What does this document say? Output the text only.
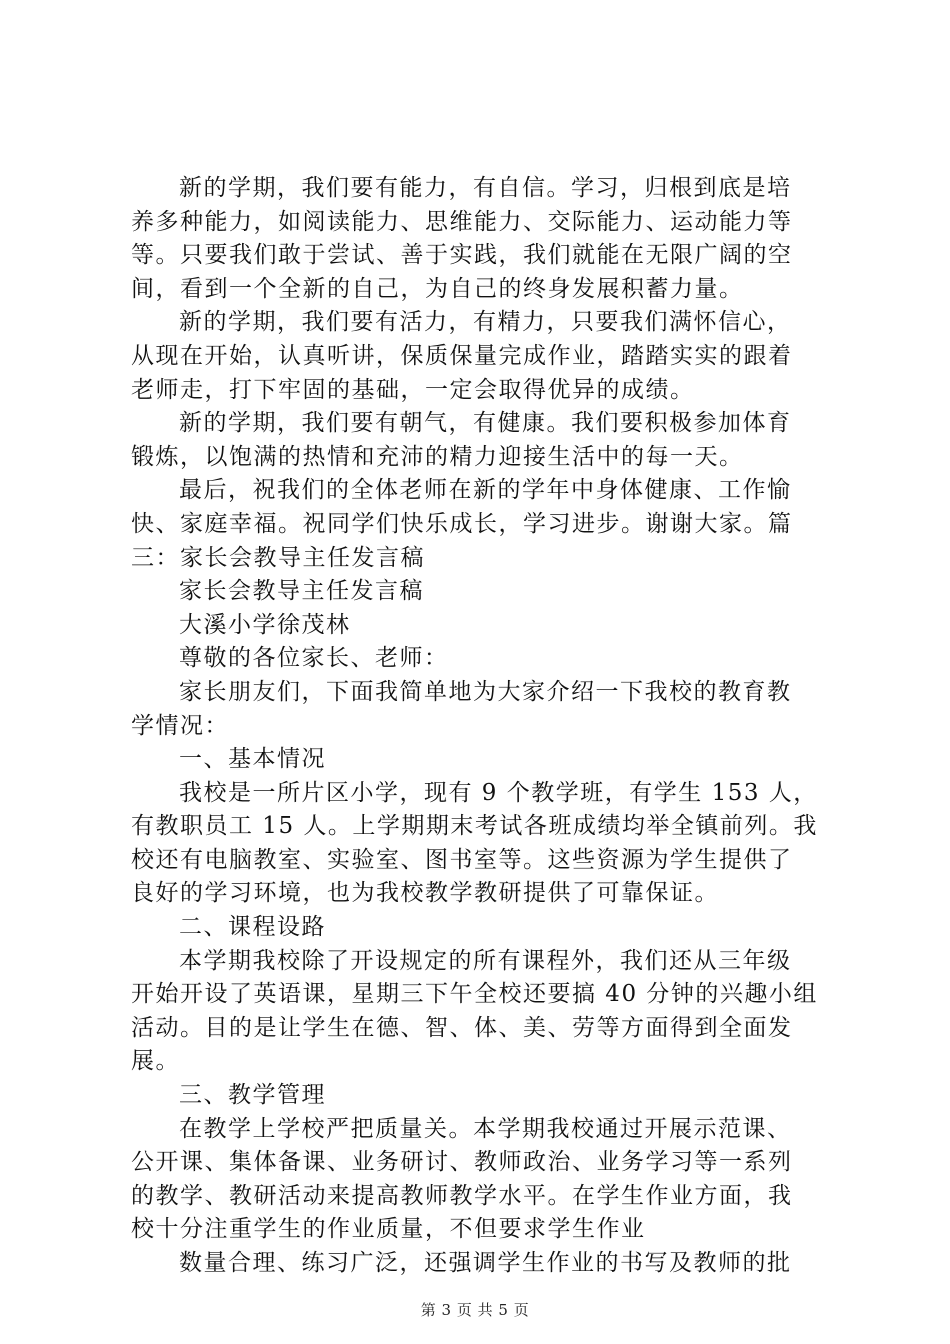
新的学期，我们要有能力，有自信。学习，归根到底是培
养多种能力，如阅读能力、思维能力、交际能力、运动能力等
等。只要我们敢于尝试、善于实践，我们就能在无限广阔的空
间，看到一个全新的自己，为自己的终身发展积蓄力量。
新的学期，我们要有活力，有精力，只要我们满怀信心，
从现在开始，认真听讲，保质保量完成作业，踏踏实实的跟着
老师走，打下牢固的基础，一定会取得优异的成绩。
新的学期，我们要有朝气，有健康。我们要积极参加体育
锻炼，以饱满的热情和充沛的精力迎接生活中的每一天。
最后，祝我们的全体老师在新的学年中身体健康、工作愉
快、家庭幸福。祝同学们快乐成长，学习进步。谢谢大家。篇
三：家长会教导主任发言稿
家长会教导主任发言稿
大溪小学徐茂林
尊敬的各位家长、老师：
家长朋友们，下面我简单地为大家介绍一下我校的教育教
学情况：
一、基本情况
我校是一所片区小学，现有 9 个教学班，有学生 153 人，
有教职员工 15 人。上学期期末考试各班成绩均举全镇前列。我
校还有电脑教室、实验室、图书室等。这些资源为学生提供了
良好的学习环境，也为我校教学教研提供了可靠保证。
二、课程设路
本学期我校除了开设规定的所有课程外，我们还从三年级
开始开设了英语课，星期三下午全校还要搞 40 分钟的兴趣小组
活动。目的是让学生在德、智、体、美、劳等方面得到全面发
展。
三、教学管理
在教学上学校严把质量关。本学期我校通过开展示范课、
公开课、集体备课、业务研讨、教师政治、业务学习等一系列
的教学、教研活动来提高教师教学水平。在学生作业方面，我
校十分注重学生的作业质量，不但要求学生作业
数量合理、练习广泛，还强调学生作业的书写及教师的批
第 3 页 共 5 页
